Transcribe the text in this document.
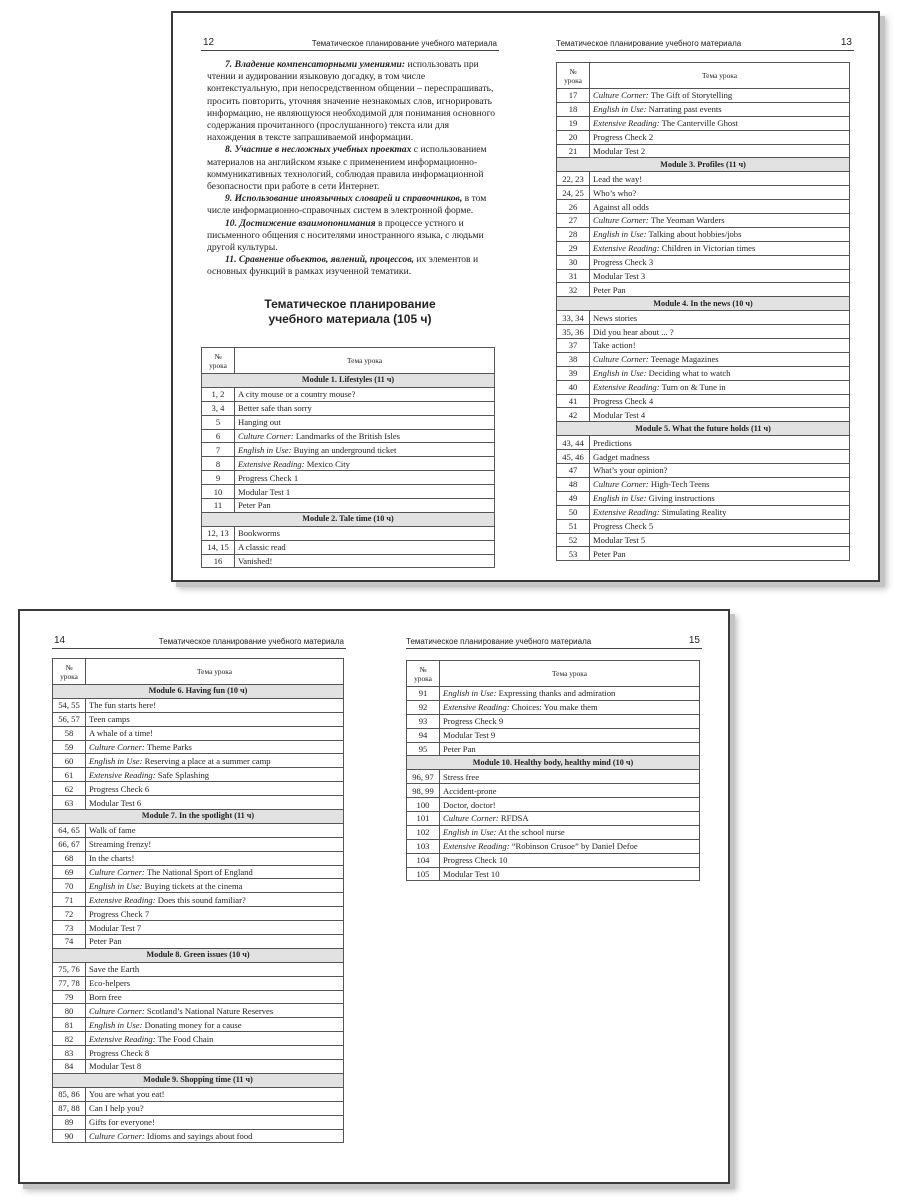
12	Тематическое планирование учебного материала

7. Владение компенсаторными умениями: использовать при чтении и аудировании языковую догадку, в том числе контекстуальную, при непосредственном общении – переспрашивать, просить повторить, уточняя значение незнакомых слов, игнорировать информацию, не являющуюся необходимой для понимания основного содержания прочитанного (прослушанного) текста или для нахождения в тексте запрашиваемой информации.

8. Участие в несложных учебных проектах с использованием материалов на английском языке с применением информационно-коммуникативных технологий, соблюдая правила информационной безопасности при работе в сети Интернет.

9. Использование иноязычных словарей и справочников, в том числе информационно-справочных систем в электронной форме.

10. Достижение взаимопонимания в процессе устного и письменного общения с носителями иностранного языка, с людьми другой культуры.

11. Сравнение объектов, явлений, процессов, их элементов и основных функций в рамках изученной тематики.

Тематическое планирование учебного материала (105 ч)
№ урока	Тема урока
Module 1. Lifestyles (11 ч)	
1, 2	A city mouse or a country mouse?
3, 4	Better safe than sorry
5	Hanging out
6	Culture Corner: Landmarks of the British Isles
7	English in Use: Buying an underground ticket
8	Extensive Reading: Mexico City
9	Progress Check 1
10	Modular Test 1
11	Peter Pan
Module 2. Tale time (10 ч)	
12, 13	Bookworms
14, 15	A classic read
16	Vanished!
Тематическое планирование учебного материала	13
№ урока	Тема урока
17	Culture Corner: The Gift of Storytelling
18	English in Use: Narrating past events
19	Extensive Reading: The Canterville Ghost
20	Progress Check 2
21	Modular Test 2
Module 3. Profiles (11 ч)	
22, 23	Lead the way!
24, 25	Who’s who?
26	Against all odds
27	Culture Corner: The Yeoman Warders
28	English in Use: Talking about hobbies/jobs
29	Extensive Reading: Children in Victorian times
30	Progress Check 3
31	Modular Test 3
32	Peter Pan
Module 4. In the news (10 ч)	
33, 34	News stories
35, 36	Did you hear about ... ?
37	Take action!
38	Culture Corner: Teenage Magazines
39	English in Use: Deciding what to watch
40	Extensive Reading: Turn on & Tune in
41	Progress Check 4
42	Modular Test 4
Module 5. What the future holds (11 ч)	
43, 44	Predictions
45, 46	Gadget madness
47	What’s your opinion?
48	Culture Corner: High-Tech Teens
49	English in Use: Giving instructions
50	Extensive Reading: Simulating Reality
51	Progress Check 5
52	Modular Test 5
53	Peter Pan
14	Тематическое планирование учебного материала
№ урока	Тема урока
Module 6. Having fun (10 ч)	
54, 55	The fun starts here!
56, 57	Teen camps
58	A whale of a time!
59	Culture Corner: Theme Parks
60	English in Use: Reserving a place at a summer camp
61	Extensive Reading: Safe Splashing
62	Progress Check 6
63	Modular Test 6
Module 7. In the spotlight (11 ч)	
64, 65	Walk of fame
66, 67	Streaming frenzy!
68	In the charts!
69	Culture Corner: The National Sport of England
70	English in Use: Buying tickets at the cinema
71	Extensive Reading: Does this sound familiar?
72	Progress Check 7
73	Modular Test 7
74	Peter Pan
Module 8. Green issues (10 ч)	
75, 76	Save the Earth
77, 78	Eco-helpers
79	Born free
80	Culture Corner: Scotland’s National Nature Reserves
81	English in Use: Donating money for a cause
82	Extensive Reading: The Food Chain
83	Progress Check 8
84	Modular Test 8
Module 9. Shopping time (11 ч)	
85, 86	You are what you eat!
87, 88	Can I help you?
89	Gifts for everyone!
90	Culture Corner: Idioms and sayings about food
Тематическое планирование учебного материала	15
№ урока	Тема урока
91	English in Use: Expressing thanks and admiration
92	Extensive Reading: Choices: You make them
93	Progress Check 9
94	Modular Test 9
95	Peter Pan
Module 10. Healthy body, healthy mind (10 ч)	
96, 97	Stress free
98, 99	Accident-prone
100	Doctor, doctor!
101	Culture Corner: RFDSA
102	English in Use: At the school nurse
103	Extensive Reading: “Robinson Crusoe” by Daniel Defoe
104	Progress Check 10
105	Modular Test 10
